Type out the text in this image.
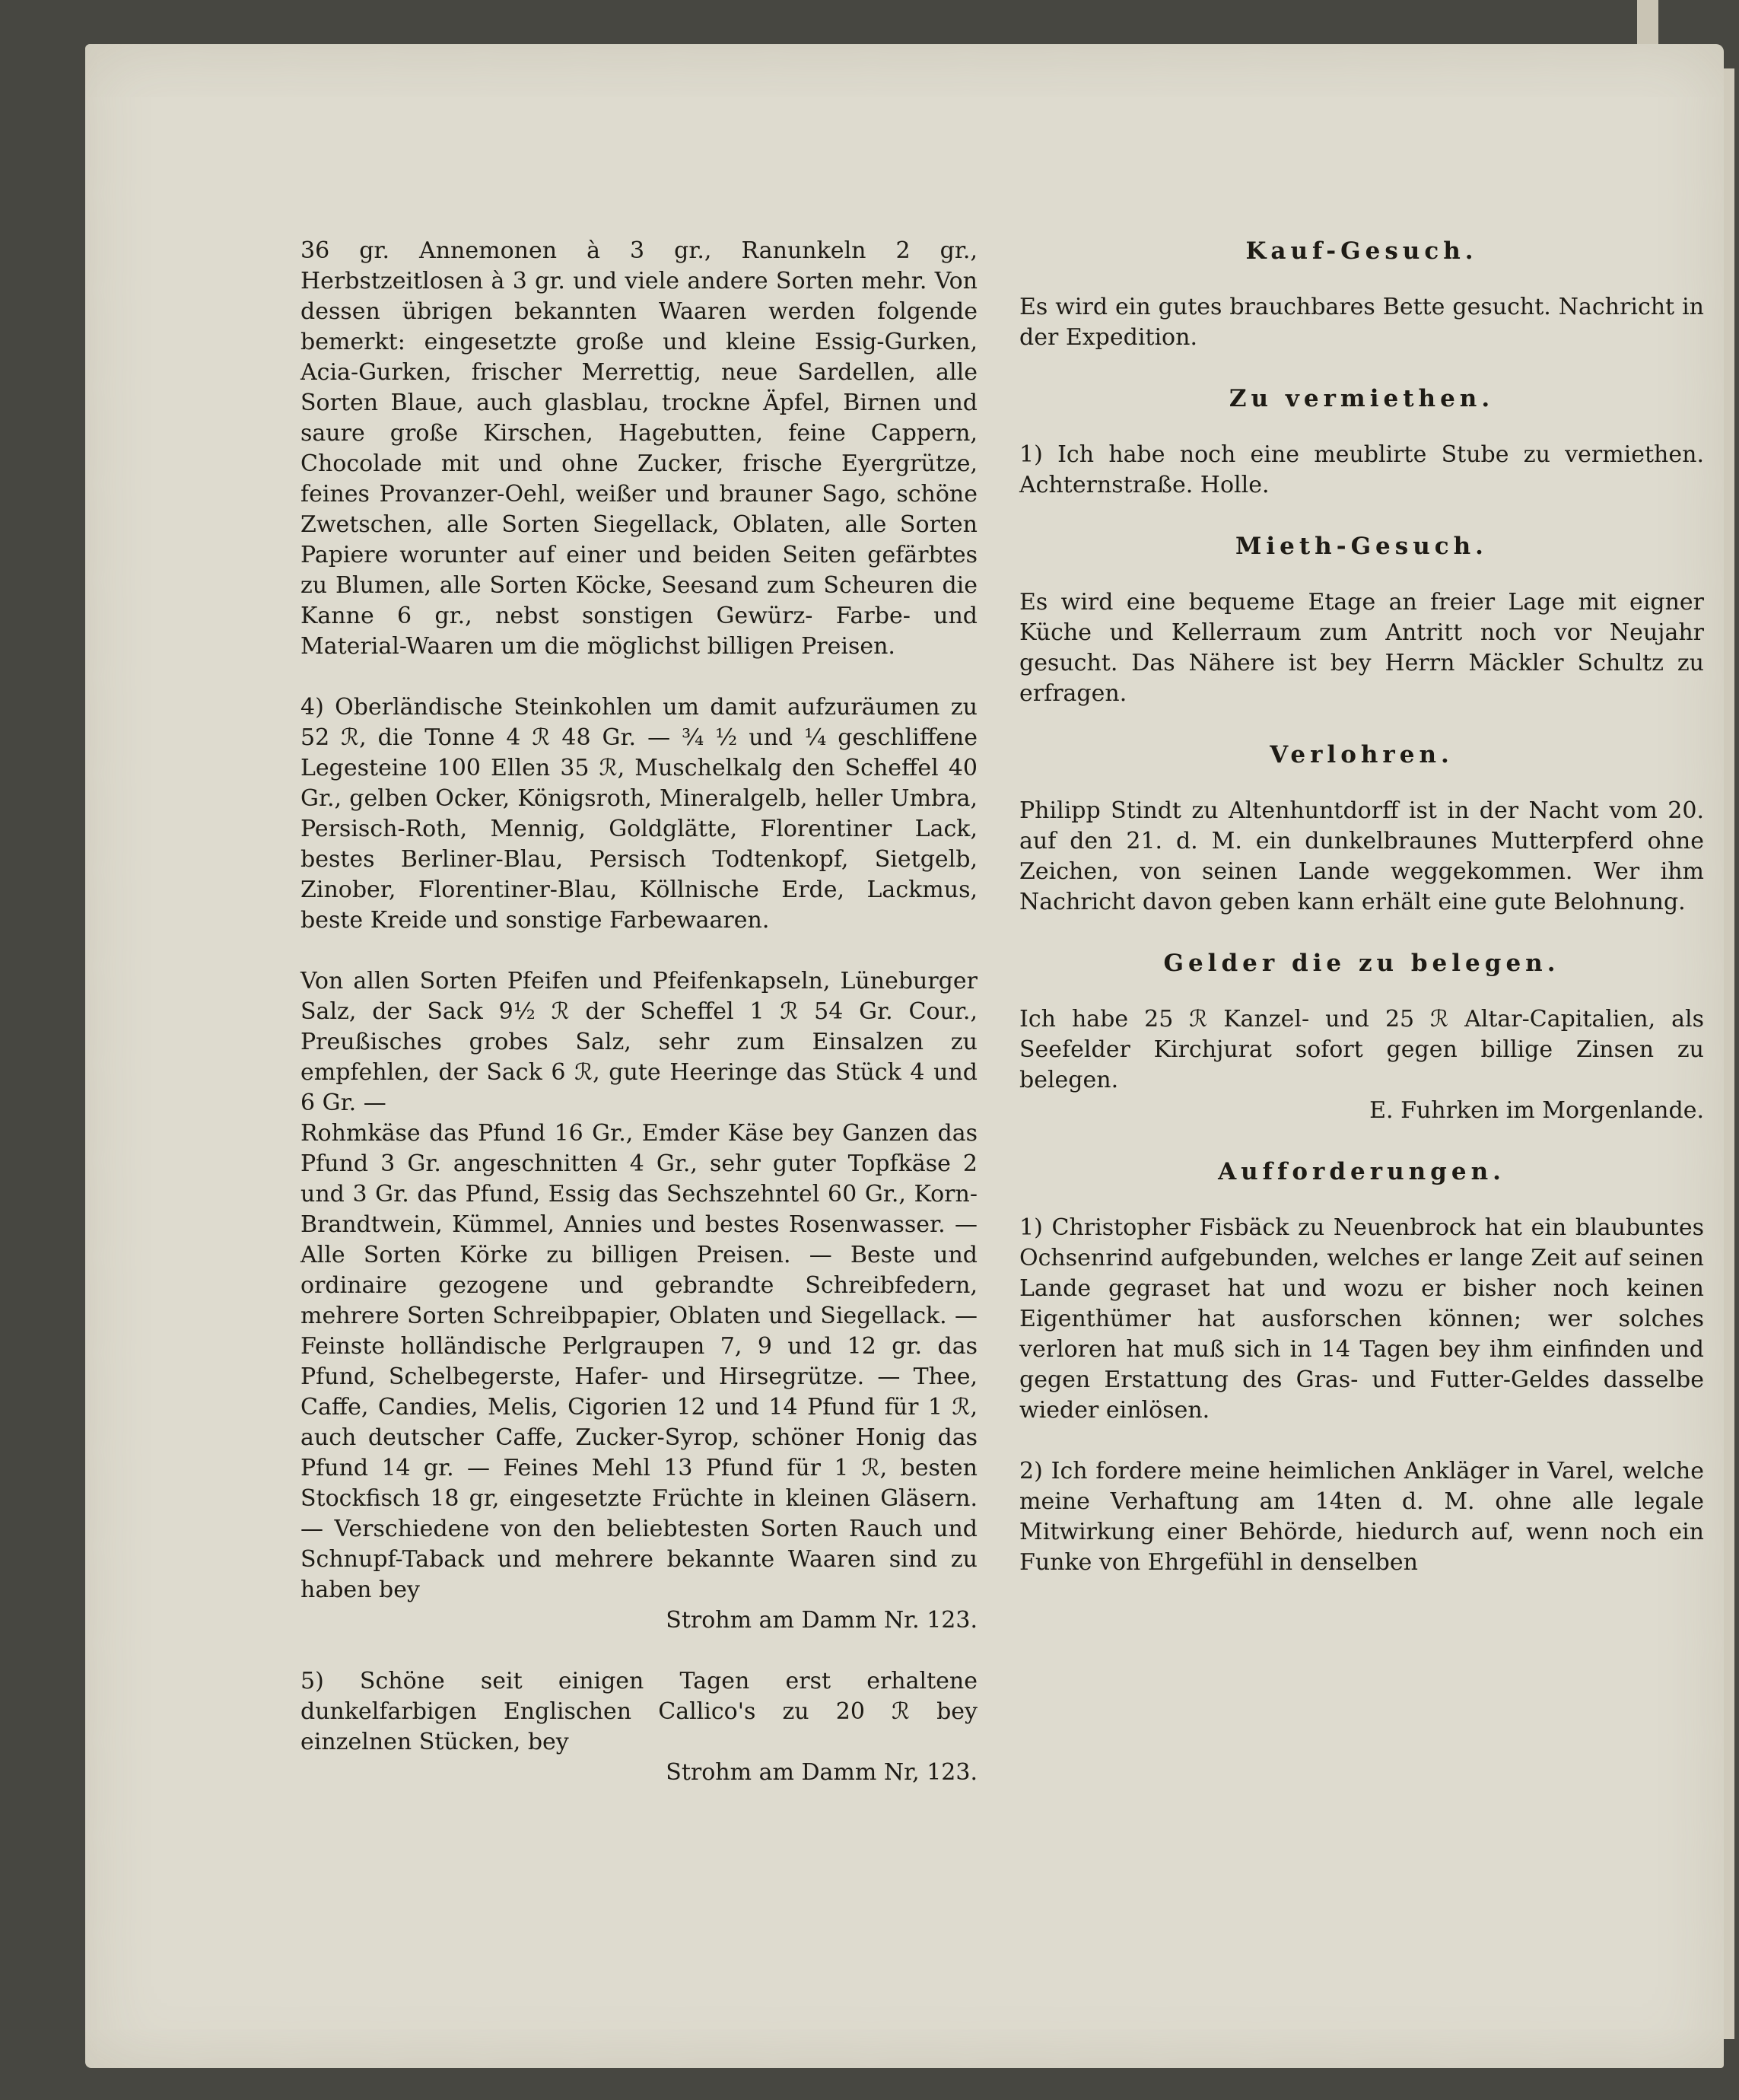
36 gr. Annemonen à 3 gr., Ranunkeln 2 gr., Herbstzeitlosen à 3 gr. und viele andere Sorten mehr. Von dessen übrigen bekannten Waaren werden folgende bemerkt: eingesetzte große und kleine Essig-Gurken, Acia-Gurken, frischer Merrettig, neue Sardellen, alle Sorten Blaue, auch glasblau, trockne Äpfel, Birnen und saure große Kirschen, Hagebutten, feine Cappern, Chocolade mit und ohne Zucker, frische Eyergrütze, feines Provanzer-Oehl, weißer und brauner Sago, schöne Zwetschen, alle Sorten Siegellack, Oblaten, alle Sorten Papiere worunter auf einer und beiden Seiten gefärbtes zu Blumen, alle Sorten Köcke, Seesand zum Scheuren die Kanne 6 gr., nebst sonstigen Gewürz- Farbe- und Material-Waaren um die möglichst billigen Preisen.

4) Oberländische Steinkohlen um damit aufzuräumen zu 52 ℛ, die Tonne 4 ℛ 48 Gr. — ¾ ½ und ¼ geschliffene Legesteine 100 Ellen 35 ℛ, Muschelkalg den Scheffel 40 Gr., gelben Ocker, Königsroth, Mineralgelb, heller Umbra, Persisch-Roth, Mennig, Goldglätte, Florentiner Lack, bestes Berliner-Blau, Persisch Todtenkopf, Sietgelb, Zinober, Florentiner-Blau, Köllnische Erde, Lackmus, beste Kreide und sonstige Farbewaaren.

Von allen Sorten Pfeifen und Pfeifenkapseln, Lüneburger Salz, der Sack 9½ ℛ der Scheffel 1 ℛ 54 Gr. Cour., Preußisches grobes Salz, sehr zum Einsalzen zu empfehlen, der Sack 6 ℛ, gute Heeringe das Stück 4 und 6 Gr. —

Rohmkäse das Pfund 16 Gr., Emder Käse bey Ganzen das Pfund 3 Gr. angeschnitten 4 Gr., sehr guter Topfkäse 2 und 3 Gr. das Pfund, Essig das Sechszehntel 60 Gr., Korn-Brandtwein, Kümmel, Annies und bestes Rosenwasser. — Alle Sorten Körke zu billigen Preisen. — Beste und ordinaire gezogene und gebrandte Schreibfedern, mehrere Sorten Schreibpapier, Oblaten und Siegellack. — Feinste holländische Perlgraupen 7, 9 und 12 gr. das Pfund, Schelbegerste, Hafer- und Hirsegrütze. — Thee, Caffe, Candies, Melis, Cigorien 12 und 14 Pfund für 1 ℛ, auch deutscher Caffe, Zucker-Syrop, schöner Honig das Pfund 14 gr. — Feines Mehl 13 Pfund für 1 ℛ, besten Stockfisch 18 gr, eingesetzte Früchte in kleinen Gläsern. — Verschiedene von den beliebtesten Sorten Rauch und Schnupf-Taback und mehrere bekannte Waaren sind zu haben bey

Strohm am Damm Nr. 123.

5) Schöne seit einigen Tagen erst erhaltene dunkelfarbigen Englischen Callico's zu 20 ℛ bey einzelnen Stücken, bey

Strohm am Damm Nr, 123.

Kauf-Gesuch.

Es wird ein gutes brauchbares Bette gesucht. Nachricht in der Expedition.

Zu vermiethen.

1) Ich habe noch eine meublirte Stube zu vermiethen. Achternstraße. Holle.

Mieth-Gesuch.

Es wird eine bequeme Etage an freier Lage mit eigner Küche und Kellerraum zum Antritt noch vor Neujahr gesucht. Das Nähere ist bey Herrn Mäckler Schultz zu erfragen.

Verlohren.

Philipp Stindt zu Altenhuntdorff ist in der Nacht vom 20. auf den 21. d. M. ein dunkelbraunes Mutterpferd ohne Zeichen, von seinen Lande weggekommen. Wer ihm Nachricht davon geben kann erhält eine gute Belohnung.

Gelder die zu belegen.

Ich habe 25 ℛ Kanzel- und 25 ℛ Altar-Capitalien, als Seefelder Kirchjurat sofort gegen billige Zinsen zu belegen.

E. Fuhrken im Morgenlande.

Aufforderungen.

1) Christopher Fisbäck zu Neuenbrock hat ein blaubuntes Ochsenrind aufgebunden, welches er lange Zeit auf seinen Lande gegraset hat und wozu er bisher noch keinen Eigenthümer hat ausforschen können; wer solches verloren hat muß sich in 14 Tagen bey ihm einfinden und gegen Erstattung des Gras- und Futter-Geldes dasselbe wieder einlösen.

2) Ich fordere meine heimlichen Ankläger in Varel, welche meine Verhaftung am 14ten d. M. ohne alle legale Mitwirkung einer Behörde, hiedurch auf, wenn noch ein Funke von Ehrgefühl in denselben
